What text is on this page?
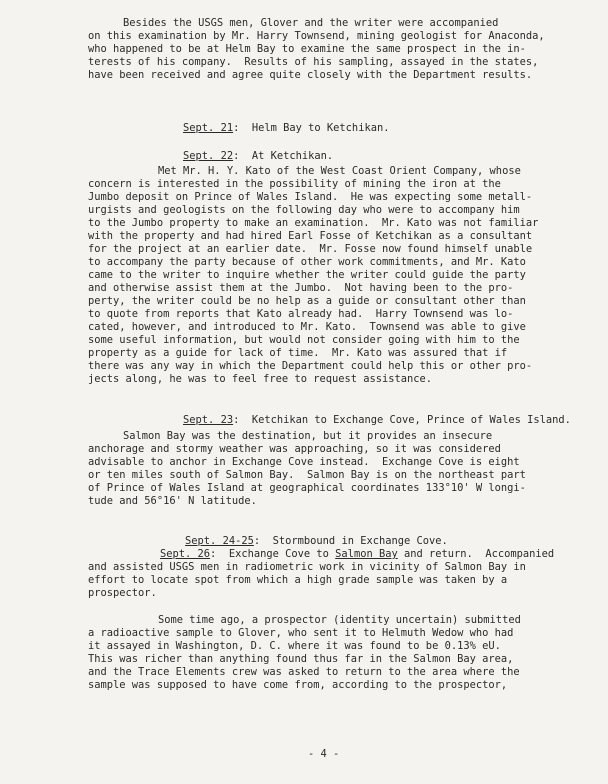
Besides the USGS men, Glover and the writer were accompanied
on this examination by Mr. Harry Townsend, mining geologist for Anaconda,
who happened to be at Helm Bay to examine the same prospect in the in-
terests of his company.  Results of his sampling, assayed in the states,
have been received and agree quite closely with the Department results.

Sept. 21:  Helm Bay to Ketchikan.

Sept. 22:  At Ketchikan.

Met Mr. H. Y. Kato of the West Coast Orient Company, whose
concern is interested in the possibility of mining the iron at the
Jumbo deposit on Prince of Wales Island.  He was expecting some metall-
urgists and geologists on the following day who were to accompany him
to the Jumbo property to make an examination.  Mr. Kato was not familiar
with the property and had hired Earl Fosse of Ketchikan as a consultant
for the project at an earlier date.  Mr. Fosse now found himself unable
to accompany the party because of other work commitments, and Mr. Kato
came to the writer to inquire whether the writer could guide the party
and otherwise assist them at the Jumbo.  Not having been to the pro-
perty, the writer could be no help as a guide or consultant other than
to quote from reports that Kato already had.  Harry Townsend was lo-
cated, however, and introduced to Mr. Kato.  Townsend was able to give
some useful information, but would not consider going with him to the
property as a guide for lack of time.  Mr. Kato was assured that if
there was any way in which the Department could help this or other pro-
jects along, he was to feel free to request assistance.

Sept. 23:  Ketchikan to Exchange Cove, Prince of Wales Island.

Salmon Bay was the destination, but it provides an insecure
anchorage and stormy weather was approaching, so it was considered
advisable to anchor in Exchange Cove instead.  Exchange Cove is eight
or ten miles south of Salmon Bay.  Salmon Bay is on the northeast part
of Prince of Wales Island at geographical coordinates 133°10' W longi-
tude and 56°16' N latitude.

Sept. 24-25:  Stormbound in Exchange Cove.

Sept. 26:  Exchange Cove to Salmon Bay and return.  Accompanied
and assisted USGS men in radiometric work in vicinity of Salmon Bay in
effort to locate spot from which a high grade sample was taken by a
prospector.
Some time ago, a prospector (identity uncertain) submitted
a radioactive sample to Glover, who sent it to Helmuth Wedow who had
it assayed in Washington, D. C. where it was found to be 0.13% eU.
This was richer than anything found thus far in the Salmon Bay area,
and the Trace Elements crew was asked to return to the area where the
sample was supposed to have come from, according to the prospector,
- 4 -
